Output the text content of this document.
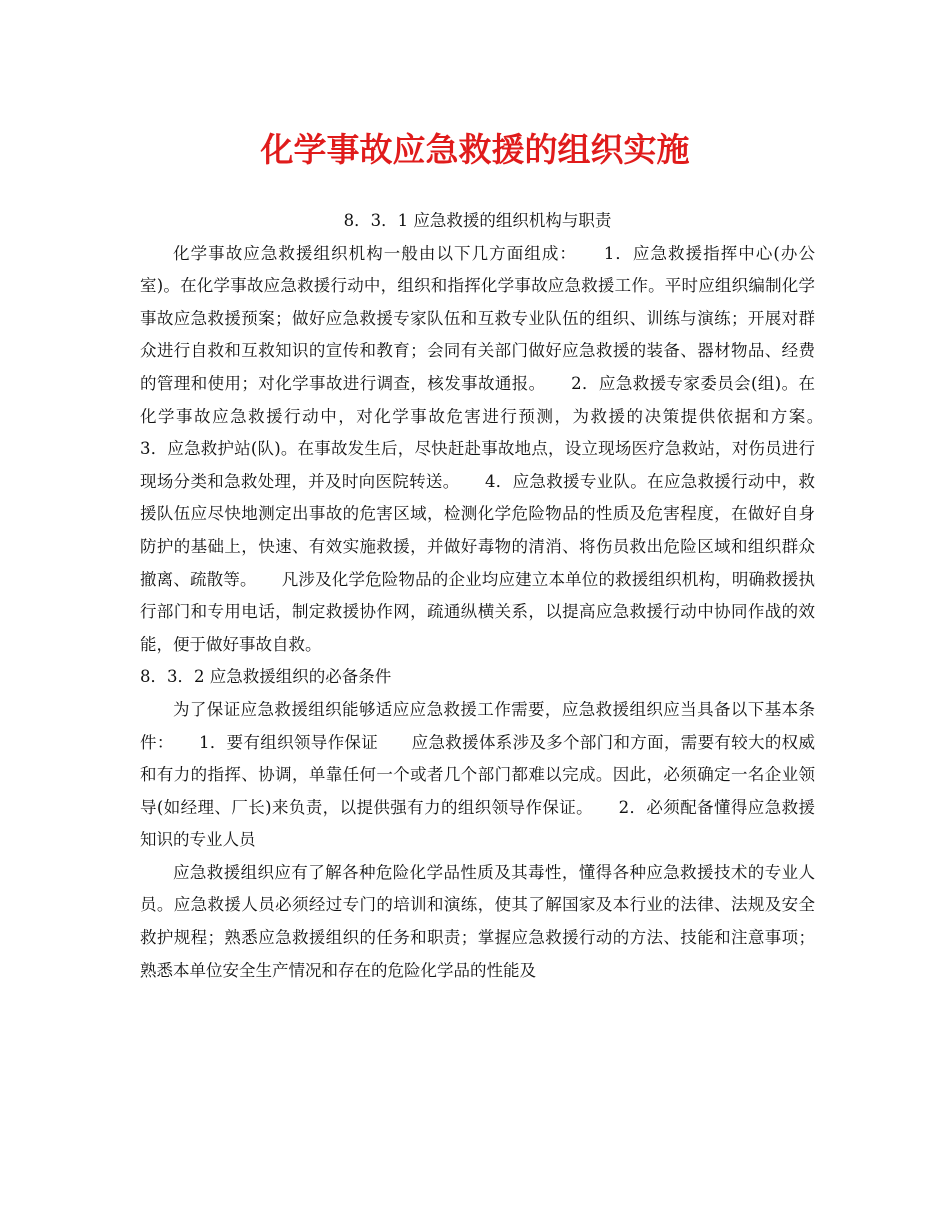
化学事故应急救援的组织实施

8．3．1 应急救援的组织机构与职责

化学事故应急救援组织机构一般由以下几方面组成：　　1．应急救援指挥中心(办公室)。在化学事故应急救援行动中，组织和指挥化学事故应急救援工作。平时应组织编制化学事故应急救援预案；做好应急救援专家队伍和互救专业队伍的组织、训练与演练；开展对群众进行自救和互救知识的宣传和教育；会同有关部门做好应急救援的装备、器材物品、经费的管理和使用；对化学事故进行调查，核发事故通报。　　2．应急救援专家委员会(组)。在化学事故应急救援行动中，对化学事故危害进行预测，为救援的决策提供依据和方案。　　3．应急救护站(队)。在事故发生后，尽快赶赴事故地点，设立现场医疗急救站，对伤员进行现场分类和急救处理，并及时向医院转送。　　4．应急救援专业队。在应急救援行动中，救援队伍应尽快地测定出事故的危害区域，检测化学危险物品的性质及危害程度，在做好自身防护的基础上，快速、有效实施救援，并做好毒物的清消、将伤员救出危险区域和组织群众撤离、疏散等。　　凡涉及化学危险物品的企业均应建立本单位的救援组织机构，明确救援执行部门和专用电话，制定救援协作网，疏通纵横关系，以提高应急救援行动中协同作战的效能，便于做好事故自救。

8．3．2 应急救援组织的必备条件

为了保证应急救援组织能够适应应急救援工作需要，应急救援组织应当具备以下基本条件：　　1．要有组织领导作保证　　应急救援体系涉及多个部门和方面，需要有较大的权威和有力的指挥、协调，单靠任何一个或者几个部门都难以完成。因此，必须确定一名企业领导(如经理、厂长)来负责，以提供强有力的组织领导作保证。　　2．必须配备懂得应急救援知识的专业人员

应急救援组织应有了解各种危险化学品性质及其毒性，懂得各种应急救援技术的专业人员。应急救援人员必须经过专门的培训和演练，使其了解国家及本行业的法律、法规及安全救护规程；熟悉应急救援组织的任务和职责；掌握应急救援行动的方法、技能和注意事项；熟悉本单位安全生产情况和存在的危险化学品的性能及
